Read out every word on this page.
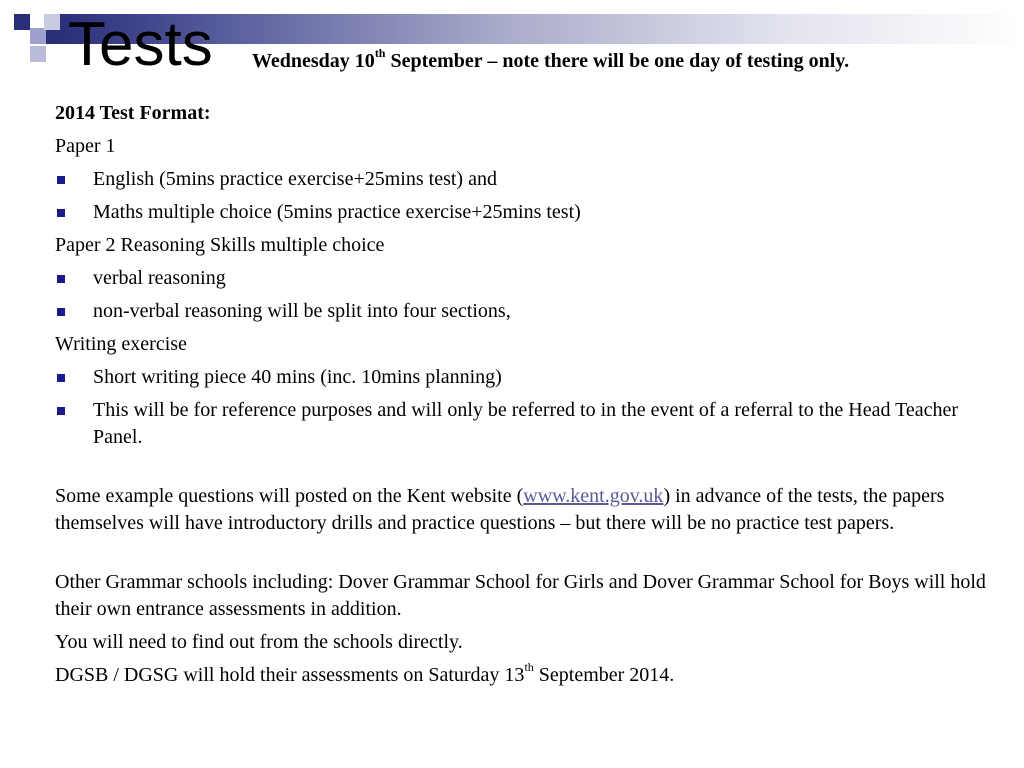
Tests Wednesday 10th September – note there will be one day of testing only.
2014 Test Format:
Paper 1
English (5mins practice exercise+25mins test) and
Maths multiple choice (5mins practice exercise+25mins test)
Paper 2 Reasoning Skills multiple choice
verbal reasoning
non-verbal reasoning will be split into four sections,
Writing exercise
Short writing piece 40 mins (inc. 10mins planning)
This will be for reference purposes and will only be referred to in the event of a referral to the Head Teacher Panel.
Some example questions will posted on the Kent website (www.kent.gov.uk) in advance of the tests, the papers themselves will have introductory drills and practice questions – but there will be no practice test papers.
Other Grammar schools including: Dover Grammar School for Girls and Dover Grammar School for Boys will hold their own entrance assessments in addition.
You will need to find out from the schools directly.
DGSB / DGSG will hold their assessments on Saturday 13th September 2014.
